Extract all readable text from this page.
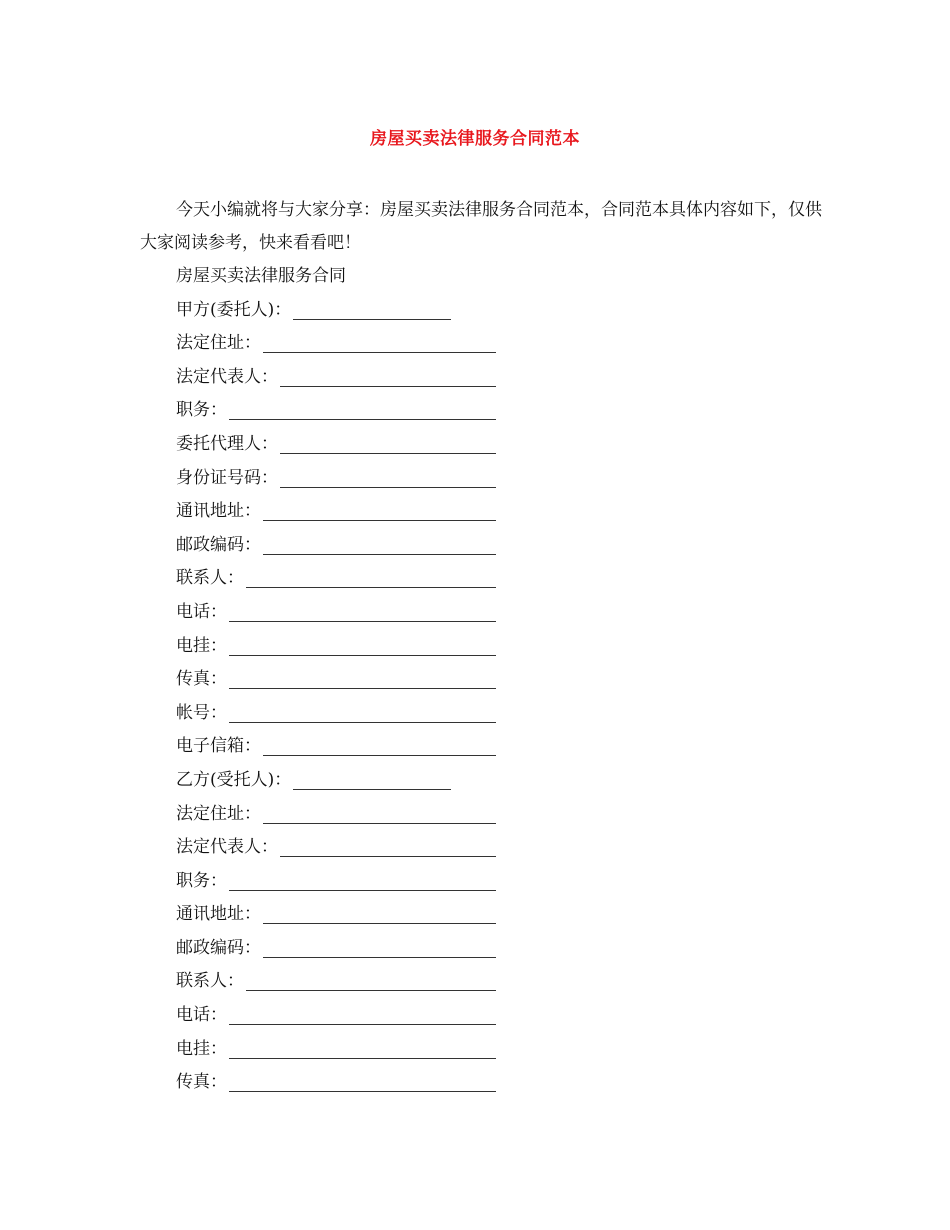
房屋买卖法律服务合同范本

今天小编就将与大家分享：房屋买卖法律服务合同范本，合同范本具体内容如下，仅供大家阅读参考，快来看看吧！

房屋买卖法律服务合同
甲方(委托人)：
法定住址：
法定代表人：
职务：
委托代理人：
身份证号码：
通讯地址：
邮政编码：
联系人：
电话：
电挂：
传真：
帐号：
电子信箱：
乙方(受托人)：
法定住址：
法定代表人：
职务：
通讯地址：
邮政编码：
联系人：
电话：
电挂：
传真：
